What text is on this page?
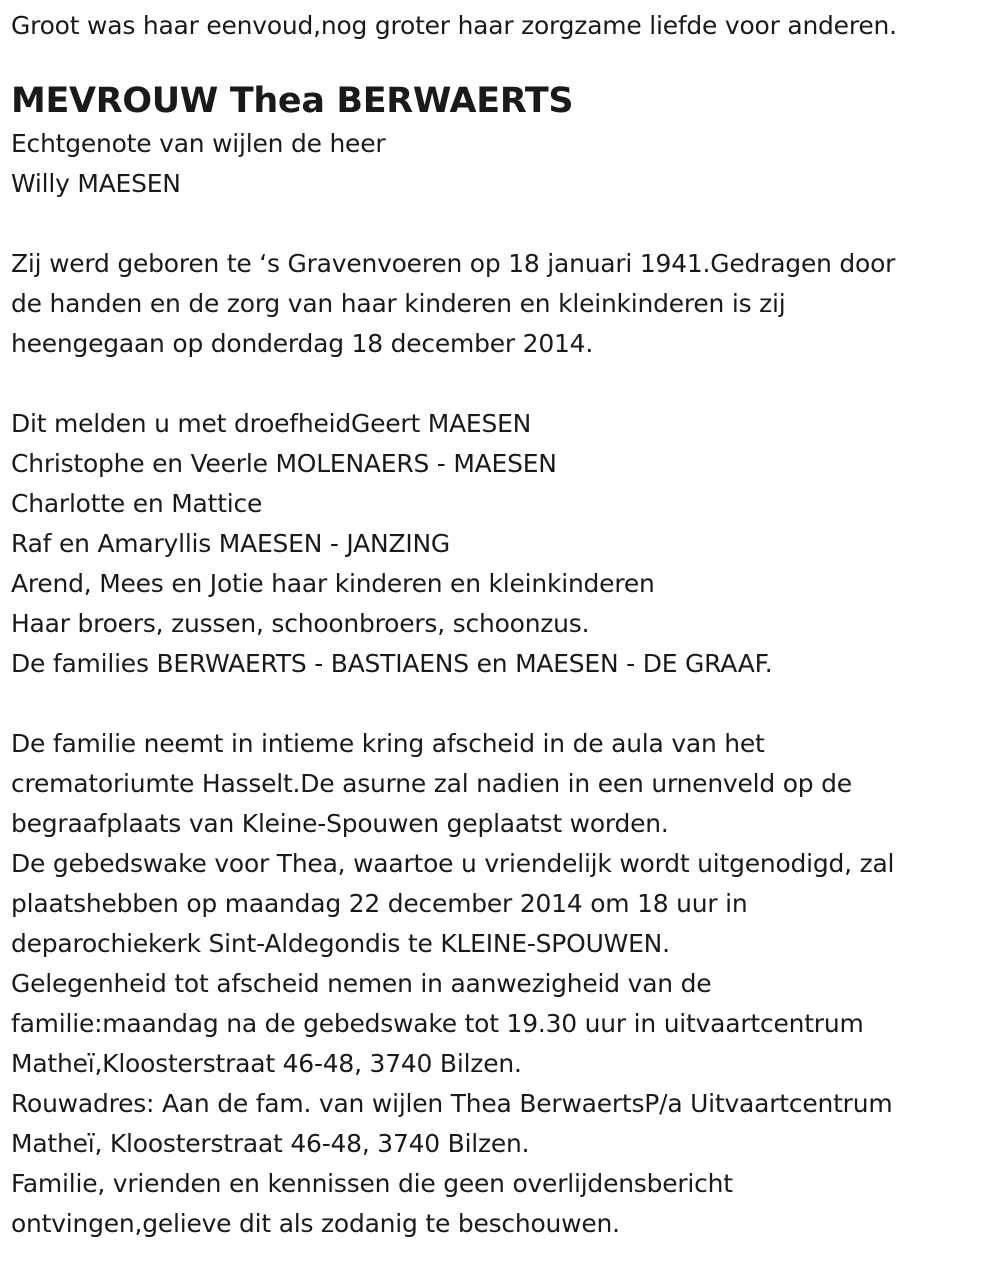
Groot was haar eenvoud,nog groter haar zorgzame liefde voor anderen.
MEVROUW Thea BERWAERTS
Echtgenote van wijlen de heer
Willy MAESEN
Zij werd geboren te ‘s Gravenvoeren op 18 januari 1941.Gedragen door
de handen en de zorg van haar kinderen en kleinkinderen is zij
heengegaan op donderdag 18 december 2014.
Dit melden u met droefheidGeert MAESEN
Christophe en Veerle MOLENAERS - MAESEN
Charlotte en Mattice
Raf en Amaryllis MAESEN - JANZING
Arend, Mees en Jotie haar kinderen en kleinkinderen
Haar broers, zussen, schoonbroers, schoonzus.
De families BERWAERTS - BASTIAENS en MAESEN - DE GRAAF.
De familie neemt in intieme kring afscheid in de aula van het
crematoriumte Hasselt.De asurne zal nadien in een urnenveld op de
begraafplaats van Kleine-Spouwen geplaatst worden.
De gebedswake voor Thea, waartoe u vriendelijk wordt uitgenodigd, zal
plaatshebben op maandag 22 december 2014 om 18 uur in
deparochiekerk Sint-Aldegondis te KLEINE-SPOUWEN.
Gelegenheid tot afscheid nemen in aanwezigheid van de
familie:maandag na de gebedswake tot 19.30 uur in uitvaartcentrum
Matheï,Kloosterstraat 46-48, 3740 Bilzen.
Rouwadres: Aan de fam. van wijlen Thea BerwaertsP/a Uitvaartcentrum
Matheï, Kloosterstraat 46-48, 3740 Bilzen.
Familie, vrienden en kennissen die geen overlijdensbericht
ontvingen,gelieve dit als zodanig te beschouwen.
